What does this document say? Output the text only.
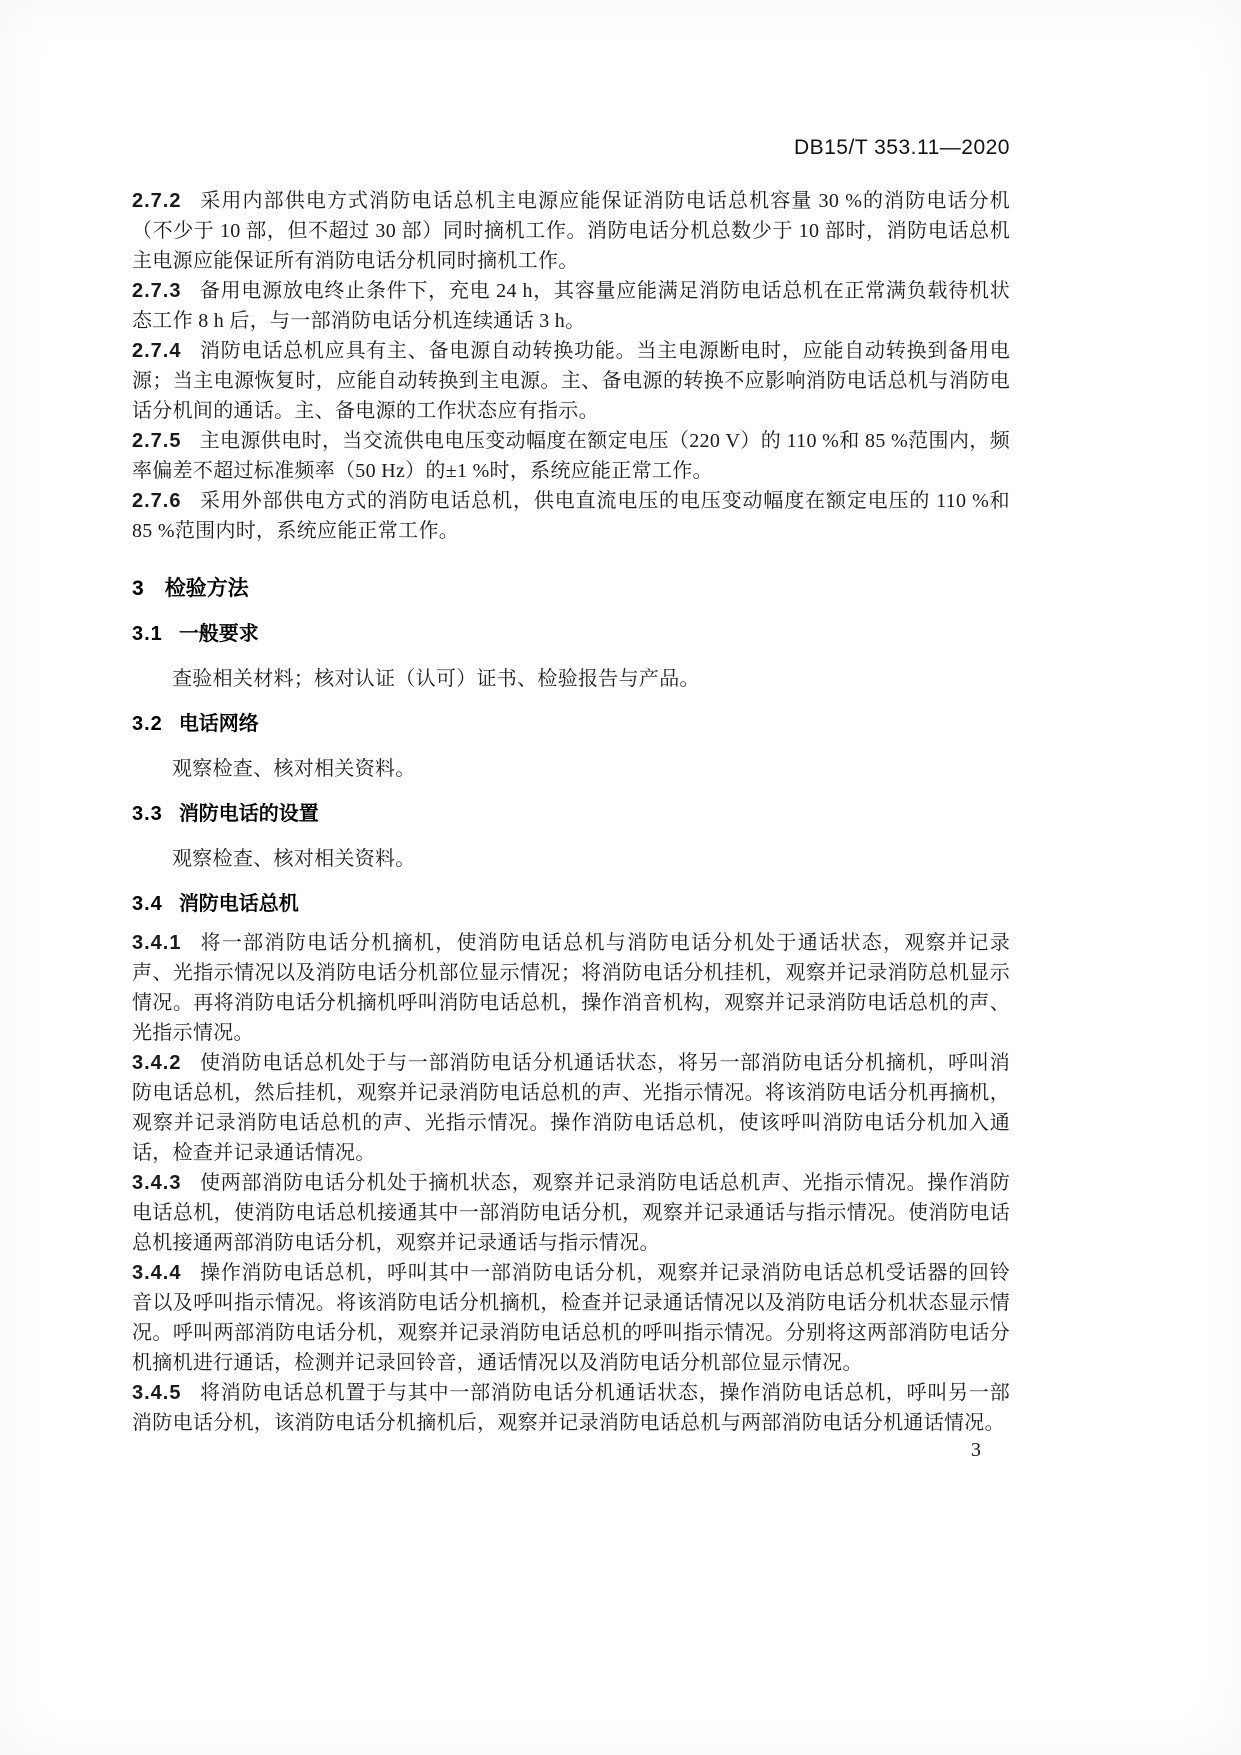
DB15/T 353.11—2020

2.7.2 采用内部供电方式消防电话总机主电源应能保证消防电话总机容量 30 %的消防电话分机（不少于 10 部，但不超过 30 部）同时摘机工作。消防电话分机总数少于 10 部时，消防电话总机主电源应能保证所有消防电话分机同时摘机工作。

2.7.3 备用电源放电终止条件下，充电 24 h，其容量应能满足消防电话总机在正常满负载待机状态工作 8 h 后，与一部消防电话分机连续通话 3 h。

2.7.4 消防电话总机应具有主、备电源自动转换功能。当主电源断电时，应能自动转换到备用电源；当主电源恢复时，应能自动转换到主电源。主、备电源的转换不应影响消防电话总机与消防电话分机间的通话。主、备电源的工作状态应有指示。

2.7.5 主电源供电时，当交流供电电压变动幅度在额定电压（220 V）的 110 %和 85 %范围内，频率偏差不超过标准频率（50 Hz）的±1 %时，系统应能正常工作。

2.7.6 采用外部供电方式的消防电话总机，供电直流电压的电压变动幅度在额定电压的 110 %和 85 %范围内时，系统应能正常工作。

3 检验方法
3.1 一般要求

查验相关材料；核对认证（认可）证书、检验报告与产品。

3.2 电话网络

观察检查、核对相关资料。

3.3 消防电话的设置

观察检查、核对相关资料。

3.4 消防电话总机

3.4.1 将一部消防电话分机摘机，使消防电话总机与消防电话分机处于通话状态，观察并记录声、光指示情况以及消防电话分机部位显示情况；将消防电话分机挂机，观察并记录消防总机显示情况。再将消防电话分机摘机呼叫消防电话总机，操作消音机构，观察并记录消防电话总机的声、光指示情况。

3.4.2 使消防电话总机处于与一部消防电话分机通话状态，将另一部消防电话分机摘机，呼叫消防电话总机，然后挂机，观察并记录消防电话总机的声、光指示情况。将该消防电话分机再摘机，观察并记录消防电话总机的声、光指示情况。操作消防电话总机，使该呼叫消防电话分机加入通话，检查并记录通话情况。

3.4.3 使两部消防电话分机处于摘机状态，观察并记录消防电话总机声、光指示情况。操作消防电话总机，使消防电话总机接通其中一部消防电话分机，观察并记录通话与指示情况。使消防电话总机接通两部消防电话分机，观察并记录通话与指示情况。

3.4.4 操作消防电话总机，呼叫其中一部消防电话分机，观察并记录消防电话总机受话器的回铃音以及呼叫指示情况。将该消防电话分机摘机，检查并记录通话情况以及消防电话分机状态显示情况。呼叫两部消防电话分机，观察并记录消防电话总机的呼叫指示情况。分别将这两部消防电话分机摘机进行通话，检测并记录回铃音，通话情况以及消防电话分机部位显示情况。

3.4.5 将消防电话总机置于与其中一部消防电话分机通话状态，操作消防电话总机，呼叫另一部消防电话分机，该消防电话分机摘机后，观察并记录消防电话总机与两部消防电话分机通话情况。

3
